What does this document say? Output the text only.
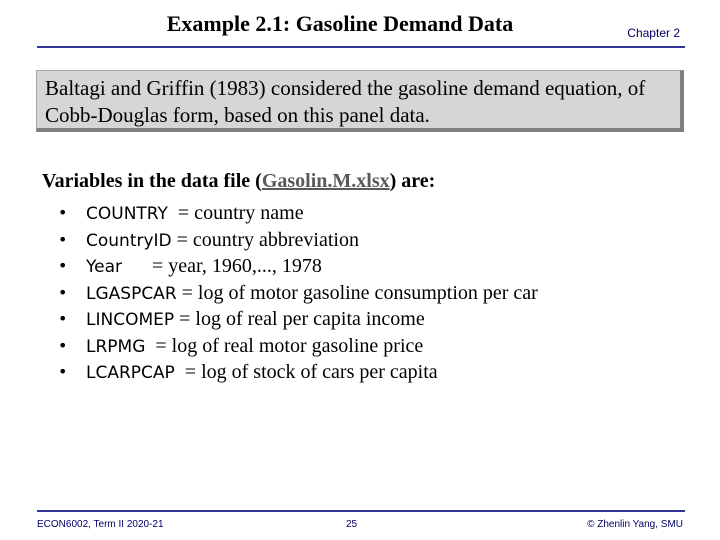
Example 2.1: Gasoline Demand Data	Chapter 2
Baltagi and Griffin (1983) considered the gasoline demand equation, of Cobb-Douglas form, based on this panel data.
Variables in the data file (Gasolin.M.xlsx) are:
• COUNTRY  = country name
• CountryID = country abbreviation
• Year      = year, 1960,..., 1978
• LGASPCAR = log of motor gasoline consumption per car
• LINCOMEP = log of real per capita income
• LRPMG  = log of real motor gasoline price
• LCARPCAP  = log of stock of cars per capita
ECON6002, Term II 2020-21	25	© Zhenlin Yang, SMU
